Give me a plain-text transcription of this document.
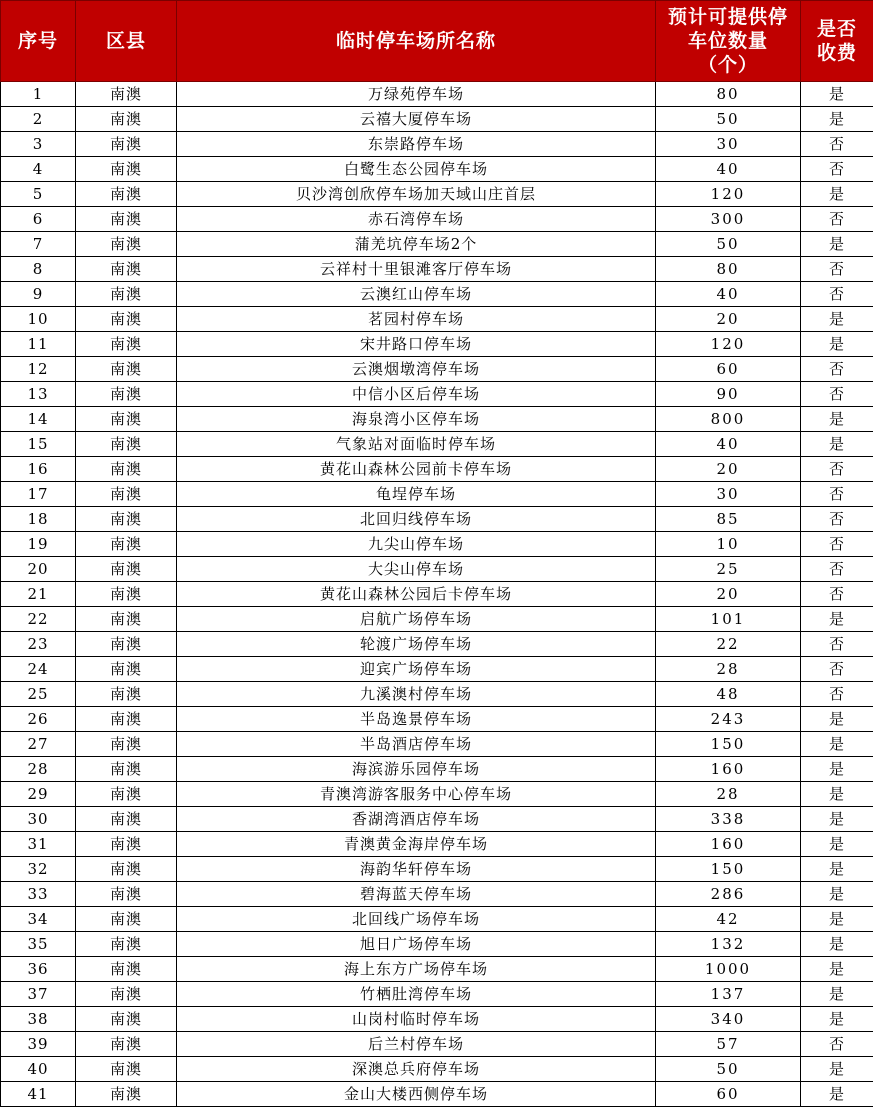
序号	区县	临时停车场所名称	预计可提供停车位数量（个）	是否收费
1	南澳	万绿苑停车场	80	是
2	南澳	云禧大厦停车场	50	是
3	南澳	东崇路停车场	30	否
4	南澳	白鹭生态公园停车场	40	否
5	南澳	贝沙湾创欣停车场加天域山庄首层	120	是
6	南澳	赤石湾停车场	300	否
7	南澳	蒲羌坑停车场2个	50	是
8	南澳	云祥村十里银滩客厅停车场	80	否
9	南澳	云澳红山停车场	40	否
10	南澳	茗园村停车场	20	是
11	南澳	宋井路口停车场	120	是
12	南澳	云澳烟墩湾停车场	60	否
13	南澳	中信小区后停车场	90	否
14	南澳	海泉湾小区停车场	800	是
15	南澳	气象站对面临时停车场	40	是
16	南澳	黄花山森林公园前卡停车场	20	否
17	南澳	龟埕停车场	30	否
18	南澳	北回归线停车场	85	否
19	南澳	九尖山停车场	10	否
20	南澳	大尖山停车场	25	否
21	南澳	黄花山森林公园后卡停车场	20	否
22	南澳	启航广场停车场	101	是
23	南澳	轮渡广场停车场	22	否
24	南澳	迎宾广场停车场	28	否
25	南澳	九溪澳村停车场	48	否
26	南澳	半岛逸景停车场	243	是
27	南澳	半岛酒店停车场	150	是
28	南澳	海滨游乐园停车场	160	是
29	南澳	青澳湾游客服务中心停车场	28	是
30	南澳	香湖湾酒店停车场	338	是
31	南澳	青澳黄金海岸停车场	160	是
32	南澳	海韵华轩停车场	150	是
33	南澳	碧海蓝天停车场	286	是
34	南澳	北回线广场停车场	42	是
35	南澳	旭日广场停车场	132	是
36	南澳	海上东方广场停车场	1000	是
37	南澳	竹栖肚湾停车场	137	是
38	南澳	山岗村临时停车场	340	是
39	南澳	后兰村停车场	57	否
40	南澳	深澳总兵府停车场	50	是
41	南澳	金山大楼西侧停车场	60	是
